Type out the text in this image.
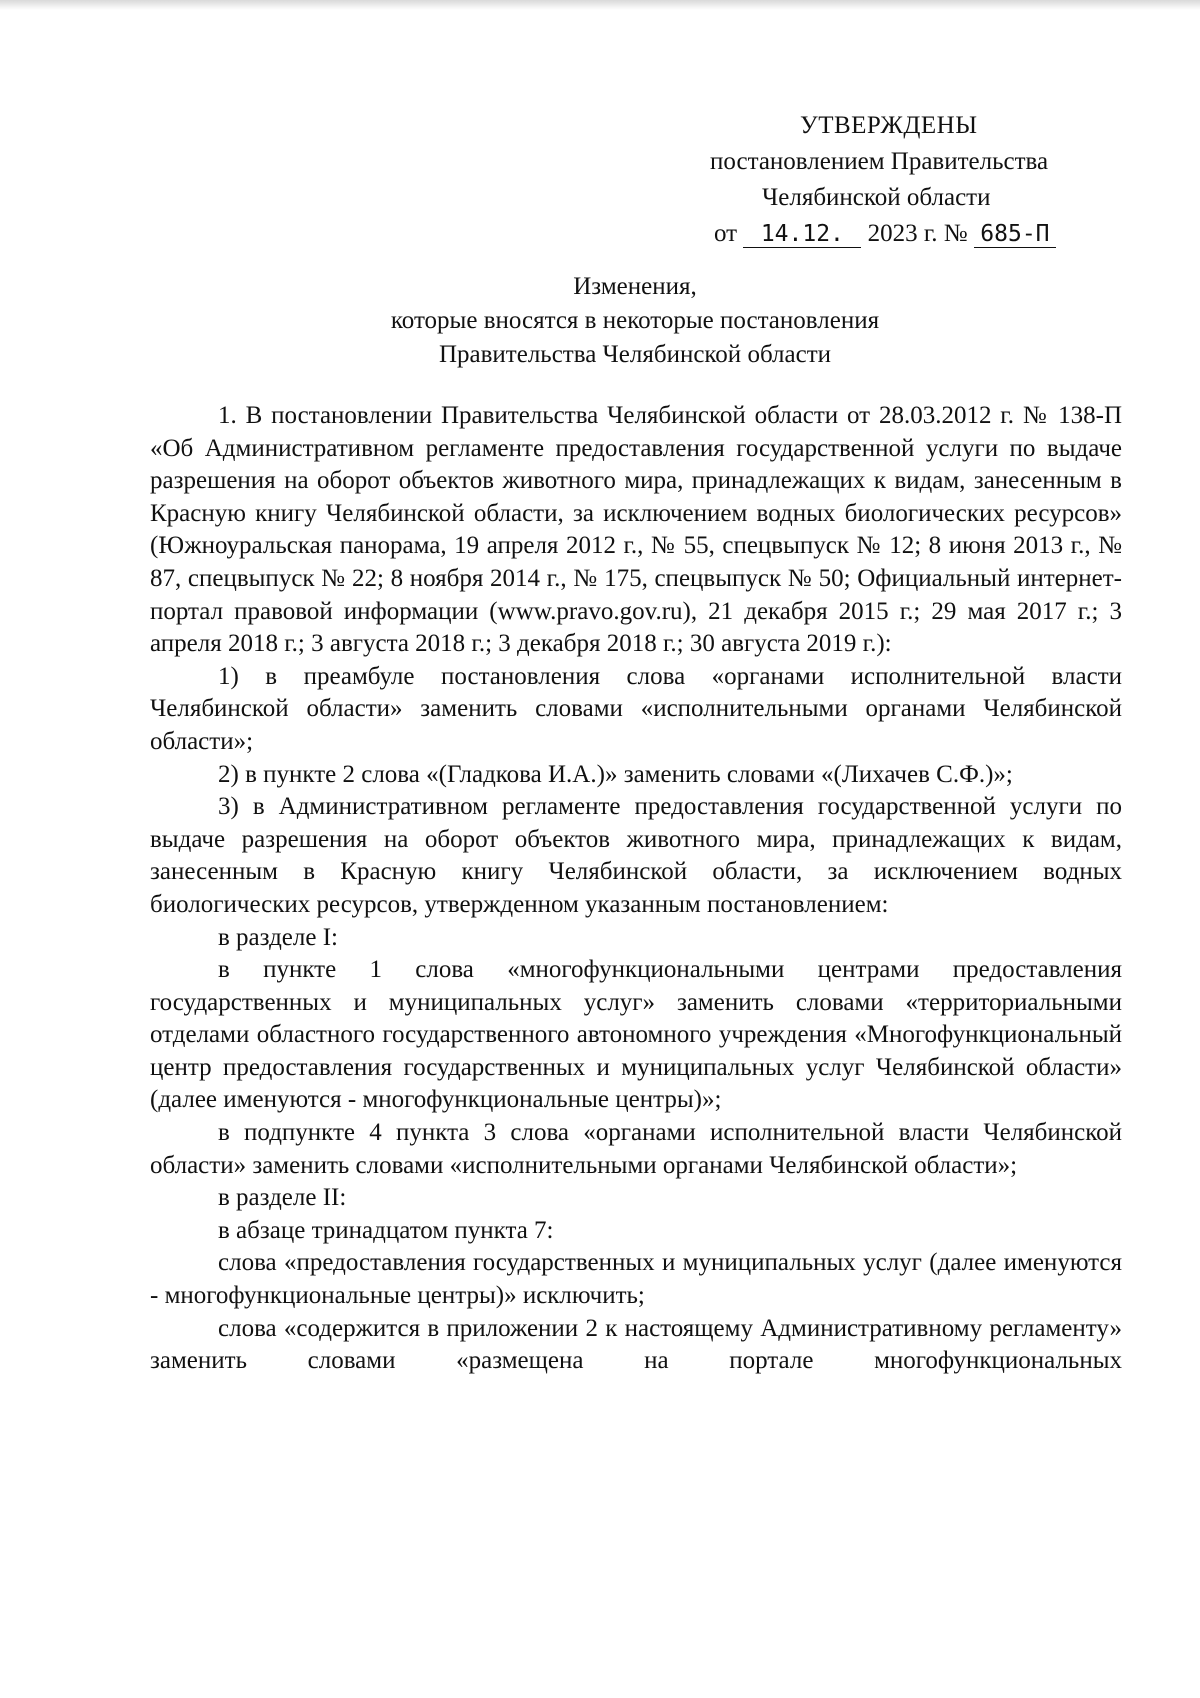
УТВЕРЖДЕНЫ
постановлением Правительства
Челябинской области
от 14.12. 2023 г. № 685-П
Изменения,
которые вносятся в некоторые постановления
Правительства Челябинской области

1. В постановлении Правительства Челябинской области от 28.03.2012 г. № 138-П «Об Административном регламенте предоставления государственной услуги по выдаче разрешения на оборот объектов животного мира, принадлежащих к видам, занесенным в Красную книгу Челябинской области, за исключением водных биологических ресурсов» (Южноуральская панорама, 19 апреля 2012 г., № 55, спецвыпуск № 12; 8 июня 2013 г., № 87, спецвыпуск № 22; 8 ноября 2014 г., № 175, спецвыпуск № 50; Официальный интернет-портал правовой информации (www.pravo.gov.ru), 21 декабря 2015 г.; 29 мая 2017 г.; 3 апреля 2018 г.; 3 августа 2018 г.; 3 декабря 2018 г.; 30 августа 2019 г.):

1) в преамбуле постановления слова «органами исполнительной власти Челябинской области» заменить словами «исполнительными органами Челябинской области»;

2) в пункте 2 слова «(Гладкова И.А.)» заменить словами «(Лихачев С.Ф.)»;

3) в Административном регламенте предоставления государственной услуги по выдаче разрешения на оборот объектов животного мира, принадлежащих к видам, занесенным в Красную книгу Челябинской области, за исключением водных биологических ресурсов, утвержденном указанным постановлением:

в разделе I:

в пункте 1 слова «многофункциональными центрами предоставления государственных и муниципальных услуг» заменить словами «территориальными отделами областного государственного автономного учреждения «Многофункциональный центр предоставления государственных и муниципальных услуг Челябинской области» (далее именуются - многофункциональные центры)»;

в подпункте 4 пункта 3 слова «органами исполнительной власти Челябинской области» заменить словами «исполнительными органами Челябинской области»;

в разделе II:

в абзаце тринадцатом пункта 7:

слова «предоставления государственных и муниципальных услуг (далее именуются - многофункциональные центры)» исключить;

слова «содержится в приложении 2 к настоящему Административному регламенту» заменить словами «размещена на портале многофункциональных
